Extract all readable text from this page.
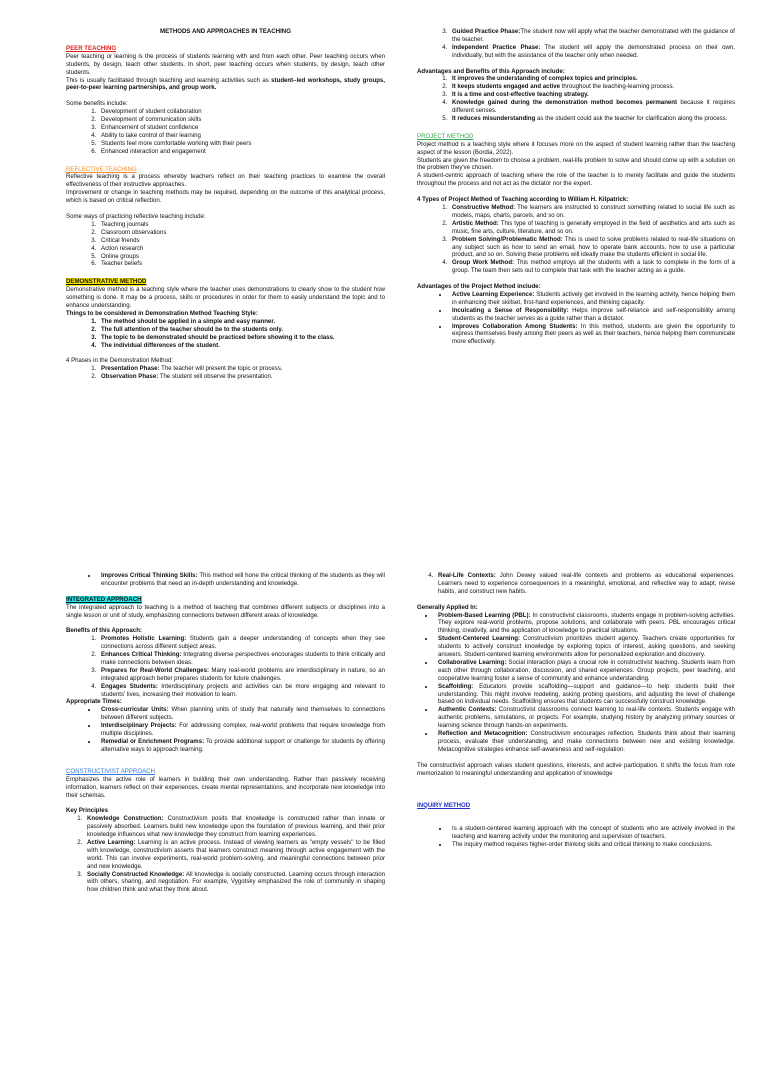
METHODS AND APPROACHES IN TEACHING
PEER TEACHING

Peer teaching or learning is the process of students learning with and from each other. Peer teaching occurs when students, by design, teach other students. In short, peer teaching occurs when students, by design, teach other students.

This is usually facilitated through teaching and learning activities such as student–led workshops, study groups, peer-to-peer learning partnerships, and group work.

Some benefits include:
1. Development of student collaboration
2. Development of communication skills
3. Enhancement of student confidence
4. Ability to take control of their learning
5. Students feel more comfortable working with their peers
6. Enhanced interaction and engagement
REFLECTIVE TEACHING

Reflective teaching is a process whereby teachers reflect on their teaching practices to examine the overall effectiveness of their instructive approaches.

Improvement or change in teaching methods may be required, depending on the outcome of this analytical process, which is based on critical reflection.

Some ways of practicing reflective teaching include:
1. Teaching journals
2. Classroom observations
3. Critical friends
4. Action research
5. Online groups
6. Teacher beliefs
DEMONSTRATIVE METHOD

Demonstrative method is a teaching style where the teacher uses demonstrations to clearly show to the student how something is done. It may be a process, skills or procedures in order for them to easily understand the topic and to enhance understanding.

Things to be considered in Demonstration Method Teaching Style:
1. The method should be applied in a simple and easy manner.
2. The full attention of the teacher should be to the students only.
3. The topic to be demonstrated should be practiced before showing it to the class.
4. The individual differences of the student.
4 Phases in the Demonstration Method:
1. Presentation Phase: The teacher will present the topic or process.
2. Observation Phase: The student will observe the presentation.
3. Guided Practice Phase:The student now will apply what the teacher demonstrated with the guidance of the teacher.
4. Independent Practice Phase: The student will apply the demonstrated process on their own, individually, but with the assistance of the teacher only when needed.
Advantages and Benefits of this Approach include:
1. It improves the understanding of complex topics and principles.
2. It keeps students engaged and active throughout the teaching-learning process.
3. It is a time and cost-effective teaching strategy.
4. Knowledge gained during the demonstration method becomes permanent because it requires different senses.
5. It reduces misunderstanding as the student could ask the teacher for clarification along the process.
PROJECT METHOD

Project method is a teaching style where it focuses more on the aspect of student learning rather than the teaching aspect of the lesson (Bordia, 2022).

Students are given the freedom to choose a problem, real-life problem to solve and should come up with a solution on the problem they've chosen.

A student-centric approach of teaching where the role of the teacher is to merely facilitate and guide the students throughout the process and not act as the dictator nor the expert.

4 Types of Project Method of Teaching according to William H. Kilpatrick:
1. Constructive Method: The learners are instructed to construct something related to social life such as models, maps, charts, parcels, and so on.
2. Artistic Method: This type of teaching is generally employed in the field of aesthetics and arts such as music, fine arts, culture, literature, and so on.
3. Problem Solving/Problematic Method: This is used to solve problems related to real-life situations on any subject such as how to send an email, how to operate bank accounts, how to use a particular product, and so on. Solving these problems will ideally make the students efficient in social life.
4. Group Work Method: This method employs all the students with a task to complete in the form of a group. The team then sets out to complete that task with the teacher acting as a guide.
Advantages of the Project Method include:
• Active Learning Experience: Students actively get involved in the learning activity, hence helping them in enhancing their skillset, first-hand experiences, and thinking capacity.
• Inculcating a Sense of Responsibility: Helps improve self-reliance and self-responsibility among students as the teacher serves as a guide rather than a dictator.
• Improves Collaboration Among Students: In this method, students are given the opportunity to express themselves freely among their peers as well as their teachers, hence helping them communicate more effectively.
• Improves Critical Thinking Skills: This method will hone the critical thinking of the students as they will encounter problems that need an in-depth understanding and knowledge.
INTEGRATED APPROACH

The integrated approach to teaching is a method of teaching that combines different subjects or disciplines into a single lesson or unit of study, emphasizing connections between different areas of knowledge.

Benefits of this Approach:
1. Promotes Holistic Learning: Students gain a deeper understanding of concepts when they see connections across different subject areas.
2. Enhances Critical Thinking: Integrating diverse perspectives encourages students to think critically and make connections between ideas.
3. Prepares for Real-World Challenges: Many real-world problems are interdisciplinary in nature, so an integrated approach better prepares students for future challenges.
4. Engages Students: Interdisciplinary projects and activities can be more engaging and relevant to students' lives, increasing their motivation to learn.
Appropriate Times:
• Cross-curricular Units: When planning units of study that naturally lend themselves to connections between different subjects.
• Interdisciplinary Projects: For addressing complex, real-world problems that require knowledge from multiple disciplines.
• Remedial or Enrichment Programs: To provide additional support or challenge for students by offering alternative ways to approach learning.
CONSTRUCTIVIST APPROACH

Emphasizes the active role of learners in building their own understanding. Rather than passively receiving information, learners reflect on their experiences, create mental representations, and incorporate new knowledge into their schemas.

Key Principles
1. Knowledge Construction: Constructivism posits that knowledge is constructed rather than innate or passively absorbed. Learners build new knowledge upon the foundation of previous learning, and their prior knowledge influences what new knowledge they construct from learning experiences.
2. Active Learning: Learning is an active process. Instead of viewing learners as "empty vessels" to be filled with knowledge, constructivism asserts that learners construct meaning through active engagement with the world. This can involve experiments, real-world problem-solving, and meaningful connections between prior and new knowledge.
3. Socially Constructed Knowledge: All knowledge is socially constructed. Learning occurs through interaction with others, sharing, and negotiation. For example, Vygotsky emphasized the role of community in shaping how children think and what they think about.
4. Real-Life Contexts: John Dewey valued real-life contexts and problems as educational experiences. Learners need to experience consequences in a meaningful, emotional, and reflective way to adapt, revise habits, and construct new habits.
Generally Applied In:
• Problem-Based Learning (PBL): In constructivist classrooms, students engage in problem-solving activities. They explore real-world problems, propose solutions, and collaborate with peers. PBL encourages critical thinking, creativity, and the application of knowledge to practical situations.
• Student-Centered Learning: Constructivism prioritizes student agency. Teachers create opportunities for students to actively construct knowledge by exploring topics of interest, asking questions, and seeking answers. Student-centered learning environments allow for personalized exploration and discovery.
• Collaborative Learning: Social interaction plays a crucial role in constructivist teaching. Students learn from each other through collaboration, discussion, and shared experiences. Group projects, peer teaching, and cooperative learning foster a sense of community and enhance understanding.
• Scaffolding: Educators provide scaffolding—support and guidance—to help students build their understanding. This might involve modeling, asking probing questions, and adjusting the level of challenge based on individual needs. Scaffolding ensures that students can successfully construct knowledge.
• Authentic Contexts: Constructivist classrooms connect learning to real-life contexts. Students engage with authentic problems, simulations, or projects. For example, studying history by analyzing primary sources or learning science through hands-on experiments.
• Reflection and Metacognition: Constructivism encourages reflection. Students think about their learning process, evaluate their understanding, and make connections between new and existing knowledge. Metacognitive strategies enhance self-awareness and self-regulation.

The constructivist approach values student questions, interests, and active participation. It shifts the focus from rote memorization to meaningful understanding and application of knowledge

INQUIRY METHOD
• Is a student-centered learning approach with the concept of students who are actively involved in the teaching and learning activity under the monitoring and supervision of teachers.
• The inquiry method requires higher-order thinking skills and critical thinking to make conclusions.
